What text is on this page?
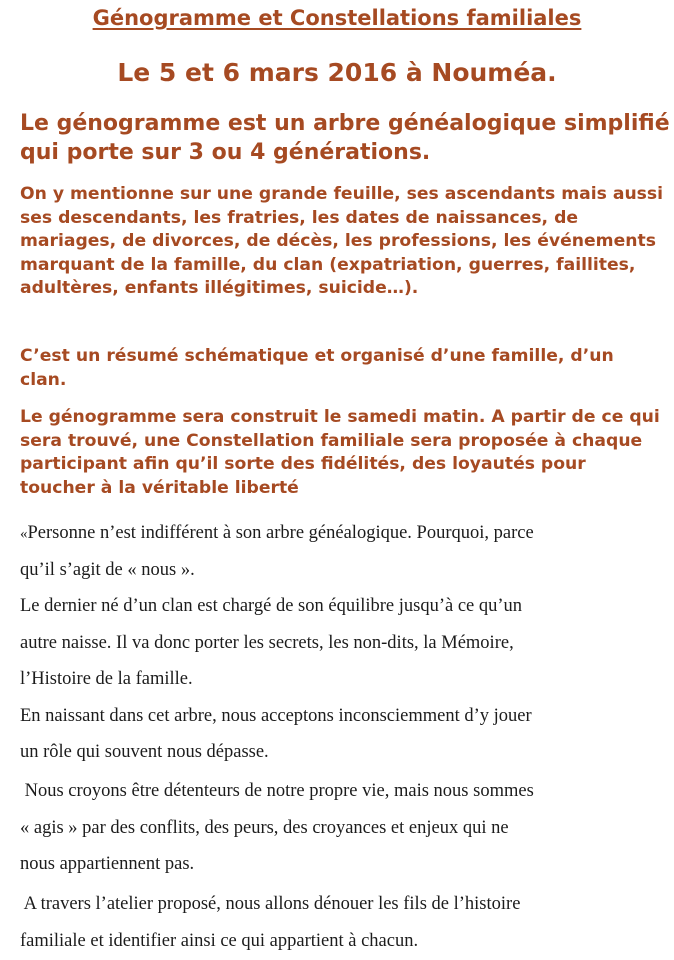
Génogramme et Constellations familiales
Le 5 et 6 mars 2016 à Nouméa.

Le génogramme est un arbre généalogique simplifié qui porte sur 3 ou 4 générations.

On y mentionne sur une grande feuille, ses ascendants mais aussi ses descendants, les fratries, les dates de naissances, de mariages, de divorces, de décès, les professions, les événements marquant de la famille, du clan (expatriation, guerres, faillites, adultères, enfants illégitimes, suicide…).

C’est un résumé schématique et organisé d’une famille, d’un clan.

Le génogramme sera construit le samedi matin. A partir de ce qui sera trouvé, une Constellation familiale sera proposée à chaque participant afin qu’il sorte des fidélités, des loyautés pour toucher à la véritable liberté

«Personne n’est indifférent à son arbre généalogique. Pourquoi, parce

qu’il s’agit de « nous ».

Le dernier né d’un clan est chargé de son équilibre jusqu’à ce qu’un

autre naisse. Il va donc porter les secrets, les non-dits, la Mémoire,

l’Histoire de la famille.

En naissant dans cet arbre, nous acceptons inconsciemment d’y jouer

un rôle qui souvent nous dépasse.

Nous croyons être détenteurs de notre propre vie, mais nous sommes

« agis » par des conflits, des peurs, des croyances et enjeux qui ne

nous appartiennent pas.

A travers l’atelier proposé, nous allons dénouer les fils de l’histoire

familiale et identifier ainsi ce qui appartient à chacun.
